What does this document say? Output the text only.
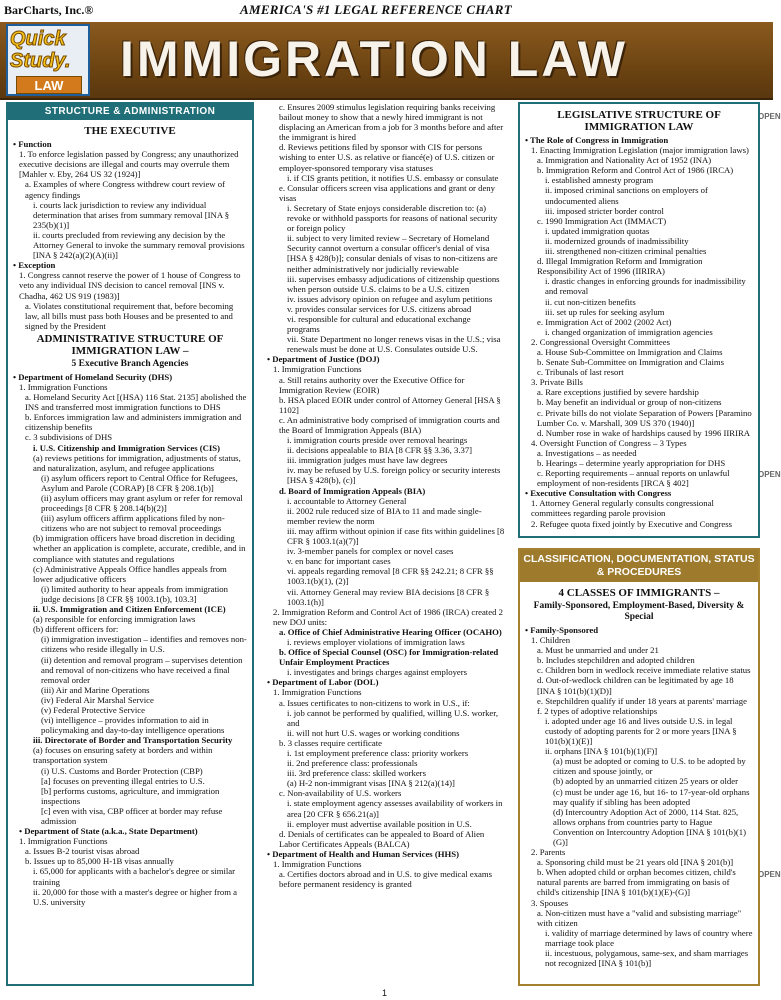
BarCharts, Inc.®	AMERICA'S #1 LEGAL REFERENCE CHART
Quick
Study.
LAW	IMMIGRATION LAW
OPEN
OPEN
OPEN
STRUCTURE & ADMINISTRATION
THE EXECUTIVE
• Function
1. To enforce legislation passed by Congress; any unauthorized executive decisions are illegal and courts may overrule them [Mahler v. Eby, 264 US 32 (1924)]
a. Examples of where Congress withdrew court review of agency findings
i. courts lack jurisdiction to review any individual determination that arises from summary removal [INA § 235(b)(1)]
ii. courts precluded from reviewing any decision by the Attorney General to invoke the summary removal provisions [INA § 242(a)(2)(A)(ii)]
• Exception
1. Congress cannot reserve the power of 1 house of Congress to veto any individual INS decision to cancel removal [INS v. Chadha, 462 US 919 (1983)]
a. Violates constitutional requirement that, before becoming law, all bills must pass both Houses and be presented to and signed by the President
ADMINISTRATIVE STRUCTURE OF IMMIGRATION LAW –
5 Executive Branch Agencies
• Department of Homeland Security (DHS)
1. Immigration Functions
a. Homeland Security Act [(HSA) 116 Stat. 2135] abolished the INS and transferred most immigration functions to DHS
b. Enforces immigration law and administers immigration and citizenship benefits
c. 3 subdivisions of DHS
i. U.S. Citizenship and Immigration Services (CIS)
(a) reviews petitions for immigration, adjustments of status, and naturalization, asylum, and refugee applications
(i) asylum officers report to Central Office for Refugees, Asylum and Parole (CORAP) [8 CFR § 208.1(b)]
(ii) asylum officers may grant asylum or refer for removal proceedings [8 CFR § 208.14(b)(2)]
(iii) asylum officers affirm applications filed by non-citizens who are not subject to removal proceedings
(b) immigration officers have broad discretion in deciding whether an application is complete, accurate, credible, and in compliance with statutes and regulations
(c) Administrative Appeals Office handles appeals from lower adjudicative officers
(i) limited authority to hear appeals from immigration judge decisions [8 CFR §§ 1003.1(b), 103.3]
ii. U.S. Immigration and Citizen Enforcement (ICE)
(a) responsible for enforcing immigration laws
(b) different officers for:
(i) immigration investigation – identifies and removes non-citizens who reside illegally in U.S.
(ii) detention and removal program – supervises detention and removal of non-citizens who have received a final removal order
(iii) Air and Marine Operations
(iv) Federal Air Marshal Service
(v) Federal Protective Service
(vi) intelligence – provides information to aid in policymaking and day-to-day intelligence operations
iii. Directorate of Border and Transportation Security
(a) focuses on ensuring safety at borders and within transportation system
(i) U.S. Customs and Border Protection (CBP)
[a] focuses on preventing illegal entries to U.S.
[b] performs customs, agriculture, and immigration inspections
[c] even with visa, CBP officer at border may refuse admission
• Department of State (a.k.a., State Department)
1. Immigration Functions
a. Issues B-2 tourist visas abroad
b. Issues up to 85,000 H-1B visas annually
i. 65,000 for applicants with a bachelor's degree or similar training
ii. 20,000 for those with a master's degree or higher from a U.S. university
c. Ensures 2009 stimulus legislation requiring banks receiving bailout money to show that a newly hired immigrant is not displacing an American from a job for 3 months before and after the immigrant is hired
d. Reviews petitions filed by sponsor with CIS for persons wishing to enter U.S. as relative or fiancé(e) of U.S. citizen or employer-sponsored temporary visa statuses
i. if CIS grants petition, it notifies U.S. embassy or consulate
e. Consular officers screen visa applications and grant or deny visas
i. Secretary of State enjoys considerable discretion to: (a) revoke or withhold passports for reasons of national security or foreign policy
ii. subject to very limited review – Secretary of Homeland Security cannot overturn a consular officer's denial of visa [HSA § 428(b)]; consular denials of visas to non-citizens are neither administratively nor judicially reviewable
iii. supervises embassy adjudications of citizenship questions when person outside U.S. claims to be a U.S. citizen
iv. issues advisory opinion on refugee and asylum petitions
v. provides consular services for U.S. citizens abroad
vi. responsible for cultural and educational exchange programs
vii. State Department no longer renews visas in the U.S.; visa renewals must be done at U.S. Consulates outside U.S.
• Department of Justice (DOJ)
1. Immigration Functions
a. Still retains authority over the Executive Office for Immigration Review (EOIR)
b. HSA placed EOIR under control of Attorney General [HSA § 1102]
c. An administrative body comprised of immigration courts and the Board of Immigration Appeals (BIA)
i. immigration courts preside over removal hearings
ii. decisions appealable to BIA [8 CFR §§ 3.36, 3.37]
iii. immigration judges must have law degrees
iv. may be refused by U.S. foreign policy or security interests [HSA § 428(b), (c)]
d. Board of Immigration Appeals (BIA)
i. accountable to Attorney General
ii. 2002 rule reduced size of BIA to 11 and made single-member review the norm
iii. may affirm without opinion if case fits within guidelines [8 CFR § 1003.1(a)(7)]
iv. 3-member panels for complex or novel cases
v. en banc for important cases
vi. appeals regarding removal [8 CFR §§ 242.21; 8 CFR §§ 1003.1(b)(1), (2)]
vii. Attorney General may review BIA decisions [8 CFR § 1003.1(h)]
2. Immigration Reform and Control Act of 1986 (IRCA) created 2 new DOJ units:
a. Office of Chief Administrative Hearing Officer (OCAHO)
i. reviews employer violations of immigration laws
b. Office of Special Counsel (OSC) for Immigration-related Unfair Employment Practices
i. investigates and brings charges against employers
• Department of Labor (DOL)
1. Immigration Functions
a. Issues certificates to non-citizens to work in U.S., if:
i. job cannot be performed by qualified, willing U.S. worker, and
ii. will not hurt U.S. wages or working conditions
b. 3 classes require certificate
i. 1st employment preference class: priority workers
ii. 2nd preference class: professionals
iii. 3rd preference class: skilled workers
(a) H-2 non-immigrant visas [INA § 212(a)(14)]
c. Non-availability of U.S. workers
i. state employment agency assesses availability of workers in area [20 CFR § 656.21(a)]
ii. employer must advertise available position in U.S.
d. Denials of certificates can be appealed to Board of Alien Labor Certificates Appeals (BALCA)
• Department of Health and Human Services (HHS)
1. Immigration Functions
a. Certifies doctors abroad and in U.S. to give medical exams before permanent residency is granted
LEGISLATIVE STRUCTURE OF IMMIGRATION LAW
• The Role of Congress in Immigration
1. Enacting Immigration Legislation (major immigration laws)
a. Immigration and Nationality Act of 1952 (INA)
b. Immigration Reform and Control Act of 1986 (IRCA)
i. established amnesty program
ii. imposed criminal sanctions on employers of undocumented aliens
iii. imposed stricter border control
c. 1990 Immigration Act (IMMACT)
i. updated immigration quotas
ii. modernized grounds of inadmissibility
iii. strengthened non-citizen criminal penalties
d. Illegal Immigration Reform and Immigration Responsibility Act of 1996 (IIRIRA)
i. drastic changes in enforcing grounds for inadmissibility and removal
ii. cut non-citizen benefits
iii. set up rules for seeking asylum
e. Immigration Act of 2002 (2002 Act)
i. changed organization of immigration agencies
2. Congressional Oversight Committees
a. House Sub-Committee on Immigration and Claims
b. Senate Sub-Committee on Immigration and Claims
c. Tribunals of last resort
3. Private Bills
a. Rare exceptions justified by severe hardship
b. May benefit an individual or group of non-citizens
c. Private bills do not violate Separation of Powers [Paramino Lumber Co. v. Marshall, 309 US 370 (1940)]
d. Number rose in wake of hardships caused by 1996 IIRIRA
4. Oversight Function of Congress – 3 Types
a. Investigations – as needed
b. Hearings – determine yearly appropriation for DHS
c. Reporting requirements – annual reports on unlawful employment of non-residents [IRCA § 402]
• Executive Consultation with Congress
1. Attorney General regularly consults congressional committees regarding parole provision
2. Refugee quota fixed jointly by Executive and Congress
CLASSIFICATION, DOCUMENTATION, STATUS & PROCEDURES
4 CLASSES OF IMMIGRANTS –
Family-Sponsored, Employment-Based, Diversity & Special
• Family-Sponsored
1. Children
a. Must be unmarried and under 21
b. Includes stepchildren and adopted children
c. Children born in wedlock receive immediate relative status
d. Out-of-wedlock children can be legitimated by age 18 [INA § 101(b)(1)(D)]
e. Stepchildren qualify if under 18 years at parents' marriage
f. 2 types of adoptive relationships
i. adopted under age 16 and lives outside U.S. in legal custody of adopting parents for 2 or more years [INA § 101(b)(1)(E)]
ii. orphans [INA § 101(b)(1)(F)]
(a) must be adopted or coming to U.S. to be adopted by citizen and spouse jointly, or
(b) adopted by an unmarried citizen 25 years or older
(c) must be under age 16, but 16- to 17-year-old orphans may qualify if sibling has been adopted
(d) Intercountry Adoption Act of 2000, 114 Stat. 825, allows orphans from countries party to Hague Convention on Intercountry Adoption [INA § 101(b)(1)(G)]
2. Parents
a. Sponsoring child must be 21 years old [INA § 201(b)]
b. When adopted child or orphan becomes citizen, child's natural parents are barred from immigrating on basis of child's citizenship [INA § 101(b)(1)(E)-(G)]
3. Spouses
a. Non-citizen must have a "valid and subsisting marriage" with citizen
i. validity of marriage determined by laws of country where marriage took place
ii. incestuous, polygamous, same-sex, and sham marriages not recognized [INA § 101(b)]
1
